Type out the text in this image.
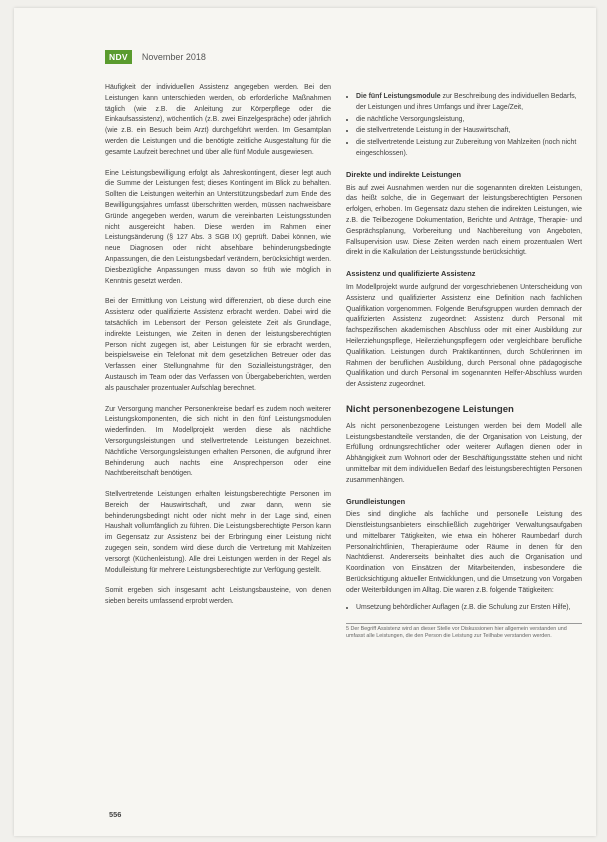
NDV	November 2018

Häufigkeit der individuellen Assistenz angegeben werden. Bei den Leistungen kann unterschieden werden, ob erforderliche Maßnahmen täglich (wie z.B. die Anleitung zur Körperpflege oder die Einkaufsassistenz), wöchentlich (z.B. zwei Einzelgespräche) oder jährlich (wie z.B. ein Besuch beim Arzt) durchgeführt werden. Im Gesamtplan werden die Leistungen und die benötigte zeitliche Ausgestaltung für die gesamte Laufzeit berechnet und über alle fünf Module ausgewiesen.

Eine Leistungsbewilligung erfolgt als Jahreskontingent, dieser legt auch die Summe der Leistungen fest; dieses Kontingent im Blick zu behalten. Sollten die Leistungen weiterhin an Unterstützungsbedarf zum Ende des Bewilligungsjahres umfasst überschritten werden, müssen nachweisbare Gründe angegeben werden, warum die vereinbarten Leistungsstunden nicht ausgereicht haben. Diese werden im Rahmen einer Leistungsänderung (§ 127 Abs. 3 SGB IX) geprüft. Dabei können, wie neue Diagnosen oder nicht absehbare behinderungsbedingte Anpassungen, die den Leistungsbedarf verändern, berücksichtigt werden. Diesbezügliche Anpassungen muss davon so früh wie möglich in Kenntnis gesetzt werden.

Bei der Ermittlung von Leistung wird differenziert, ob diese durch eine Assistenz oder qualifizierte Assistenz erbracht werden. Dabei wird die tatsächlich im Lebensort der Person geleistete Zeit als Grundlage, indirekte Leistungen, wie Zeiten in denen der leistungsberechtigten Person nicht zugegen ist, aber Leistungen für sie erbracht werden, beispielsweise ein Telefonat mit dem gesetzlichen Betreuer oder das Verfassen einer Stellungnahme für den Sozialleistungsträger, den Austausch im Team oder das Verfassen von Übergabeberichten, werden als pauschaler prozentualer Aufschlag berechnet.

Zur Versorgung mancher Personenkreise bedarf es zudem noch weiterer Leistungskomponenten, die sich nicht in den fünf Leistungsmodulen wiederfinden. Im Modellprojekt werden diese als nächtliche Versorgungsleistungen und stellvertretende Leistungen bezeichnet. Nächtliche Versorgungsleistungen erhalten Personen, die aufgrund ihrer Behinderung auch nachts eine Ansprechperson oder eine Nachtbereitschaft benötigen.

Stellvertretende Leistungen erhalten leistungsberechtigte Personen im Bereich der Hauswirtschaft, und zwar dann, wenn sie behinderungsbedingt nicht oder nicht mehr in der Lage sind, einen Haushalt vollumfänglich zu führen. Die Leistungsberechtigte Person kann im Gegensatz zur Assistenz bei der Erbringung einer Leistung nicht zugegen sein, sondern wird diese durch die Vertretung mit Mahlzeiten versorgt (Küchenleistung). Alle drei Leistungen werden in der Regel als Modulleistung für mehrere Leistungsberechtigte zur Verfügung gestellt.

Somit ergeben sich insgesamt acht Leistungsbausteine, von denen sieben bereits umfassend erprobt werden.

• Die fünf Leistungsmodule zur Beschreibung des individuellen Bedarfs, der Leistungen und ihres Umfangs und ihrer Lage/Zeit,
• die nächtliche Versorgungsleistung,
• die stellvertretende Leistung in der Hauswirtschaft,
• die stellvertretende Leistung zur Zubereitung von Mahlzeiten (noch nicht eingeschlossen).
Direkte und indirekte Leistungen

Bis auf zwei Ausnahmen werden nur die sogenannten direkten Leistungen, das heißt solche, die in Gegenwart der leistungsberechtigten Personen erfolgen, erhoben. Im Gegensatz dazu stehen die indirekten Leistungen, wie z.B. die Teilbezogene Dokumentation, Berichte und Anträge, Therapie- und Gesprächsplanung, Vorbereitung und Nachbereitung von Angeboten, Fallsupervision usw. Diese Zeiten werden nach einem prozentualen Wert direkt in die Kalkulation der Leistungsstunde berücksichtigt.

Assistenz und qualifizierte Assistenz

Im Modellprojekt wurde aufgrund der vorgeschriebenen Unterscheidung von Assistenz und qualifizierter Assistenz eine Definition nach fachlichen Qualifikation vorgenommen. Folgende Berufsgruppen wurden demnach der qualifizierten Assistenz zugeordnet: Assistenz durch Personal mit fachspezifischen akademischen Abschluss oder mit einer Ausbildung zur Heilerziehungspflege, Heilerziehungspflegern oder vergleichbare berufliche Qualifikation. Leistungen durch Praktikantinnen, durch Schülerinnen im Rahmen der beruflichen Ausbildung, durch Personal ohne pädagogische Qualifikation und durch Personal im sogenannten Helfer-Abschluss wurden der Assistenz zugeordnet.

Nicht personenbezogene Leistungen

Als nicht personenbezogene Leistungen werden bei dem Modell alle Leistungsbestandteile verstanden, die der Organisation von Leistung, der Erfüllung ordnungsrechtlicher oder weiterer Auflagen dienen oder in Abhängigkeit zum Wohnort oder der Beschäftigungsstätte stehen und nicht unmittelbar mit dem individuellen Bedarf des leistungsberechtigten Personen zusammenhängen.

Grundleistungen

Dies sind dingliche als fachliche und personelle Leistung des Dienstleistungsanbieters einschließlich zugehöriger Verwaltungsaufgaben und mittelbarer Tätigkeiten, wie etwa ein höherer Raumbedarf durch Personalrichtlinien, Therapieräume oder Räume in denen für den Nachtdienst. Andererseits beinhaltet dies auch die Organisation und Koordination von Einsätzen der Mitarbeitenden, insbesondere die Berücksichtigung aktueller Entwicklungen, und die Umsetzung von Vorgaben oder Weiterbildungen im Alltag. Die waren z.B. folgende Tätigkeiten:

• Umsetzung behördlicher Auflagen (z.B. die Schulung zur Ersten Hilfe),
5 Der Begriff Assistenz wird an dieser Stelle vor Diskussionen hier allgemein verstanden und umfasst alle Leistungen, die den Person die Leistung zur Teilhabe verstanden werden.
556
